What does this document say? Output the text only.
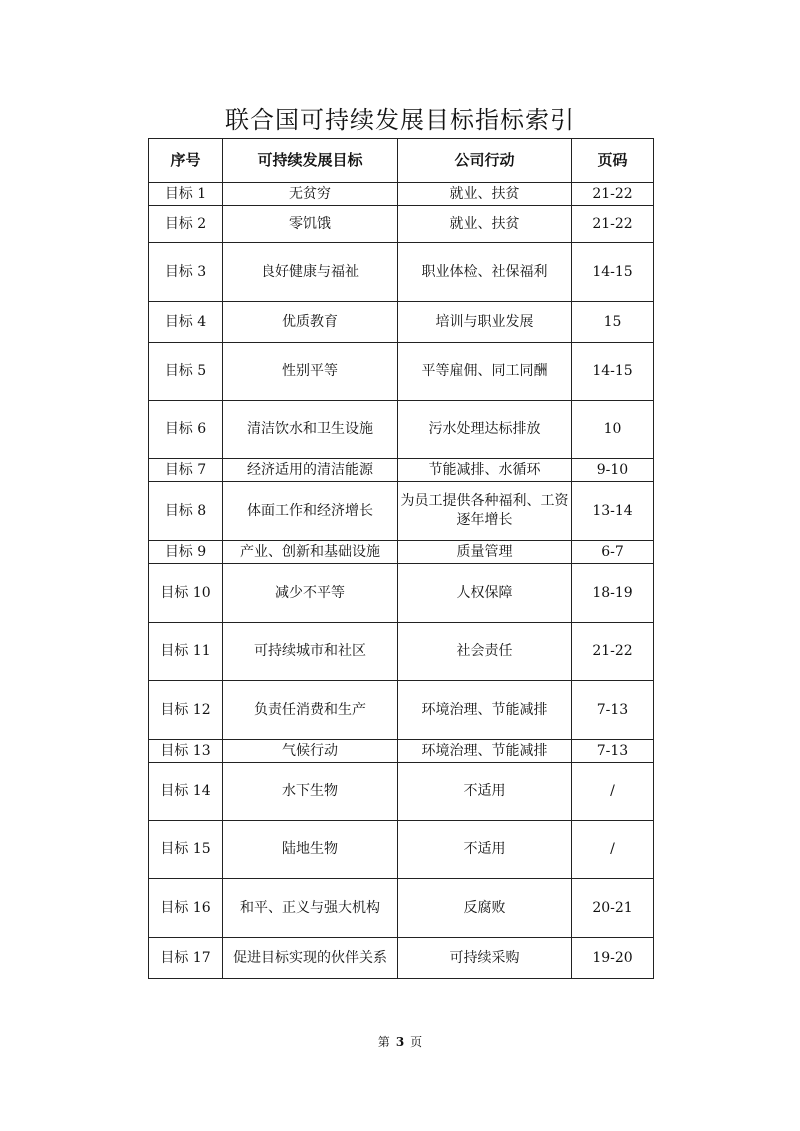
联合国可持续发展目标指标索引
序号	可持续发展目标	公司行动	页码
目标 1	无贫穷	就业、扶贫	21-22
目标 2	零饥饿	就业、扶贫	21-22
目标 3	良好健康与福祉	职业体检、社保福利	14-15
目标 4	优质教育	培训与职业发展	15
目标 5	性别平等	平等雇佣、同工同酬	14-15
目标 6	清洁饮水和卫生设施	污水处理达标排放	10
目标 7	经济适用的清洁能源	节能减排、水循环	9-10
目标 8	体面工作和经济增长	为员工提供各种福利、工资逐年增长	13-14
目标 9	产业、创新和基础设施	质量管理	6-7
目标 10	减少不平等	人权保障	18-19
目标 11	可持续城市和社区	社会责任	21-22
目标 12	负责任消费和生产	环境治理、节能减排	7-13
目标 13	气候行动	环境治理、节能减排	7-13
目标 14	水下生物	不适用	/
目标 15	陆地生物	不适用	/
目标 16	和平、正义与强大机构	反腐败	20-21
目标 17	促进目标实现的伙伴关系	可持续采购	19-20
第 3 页
